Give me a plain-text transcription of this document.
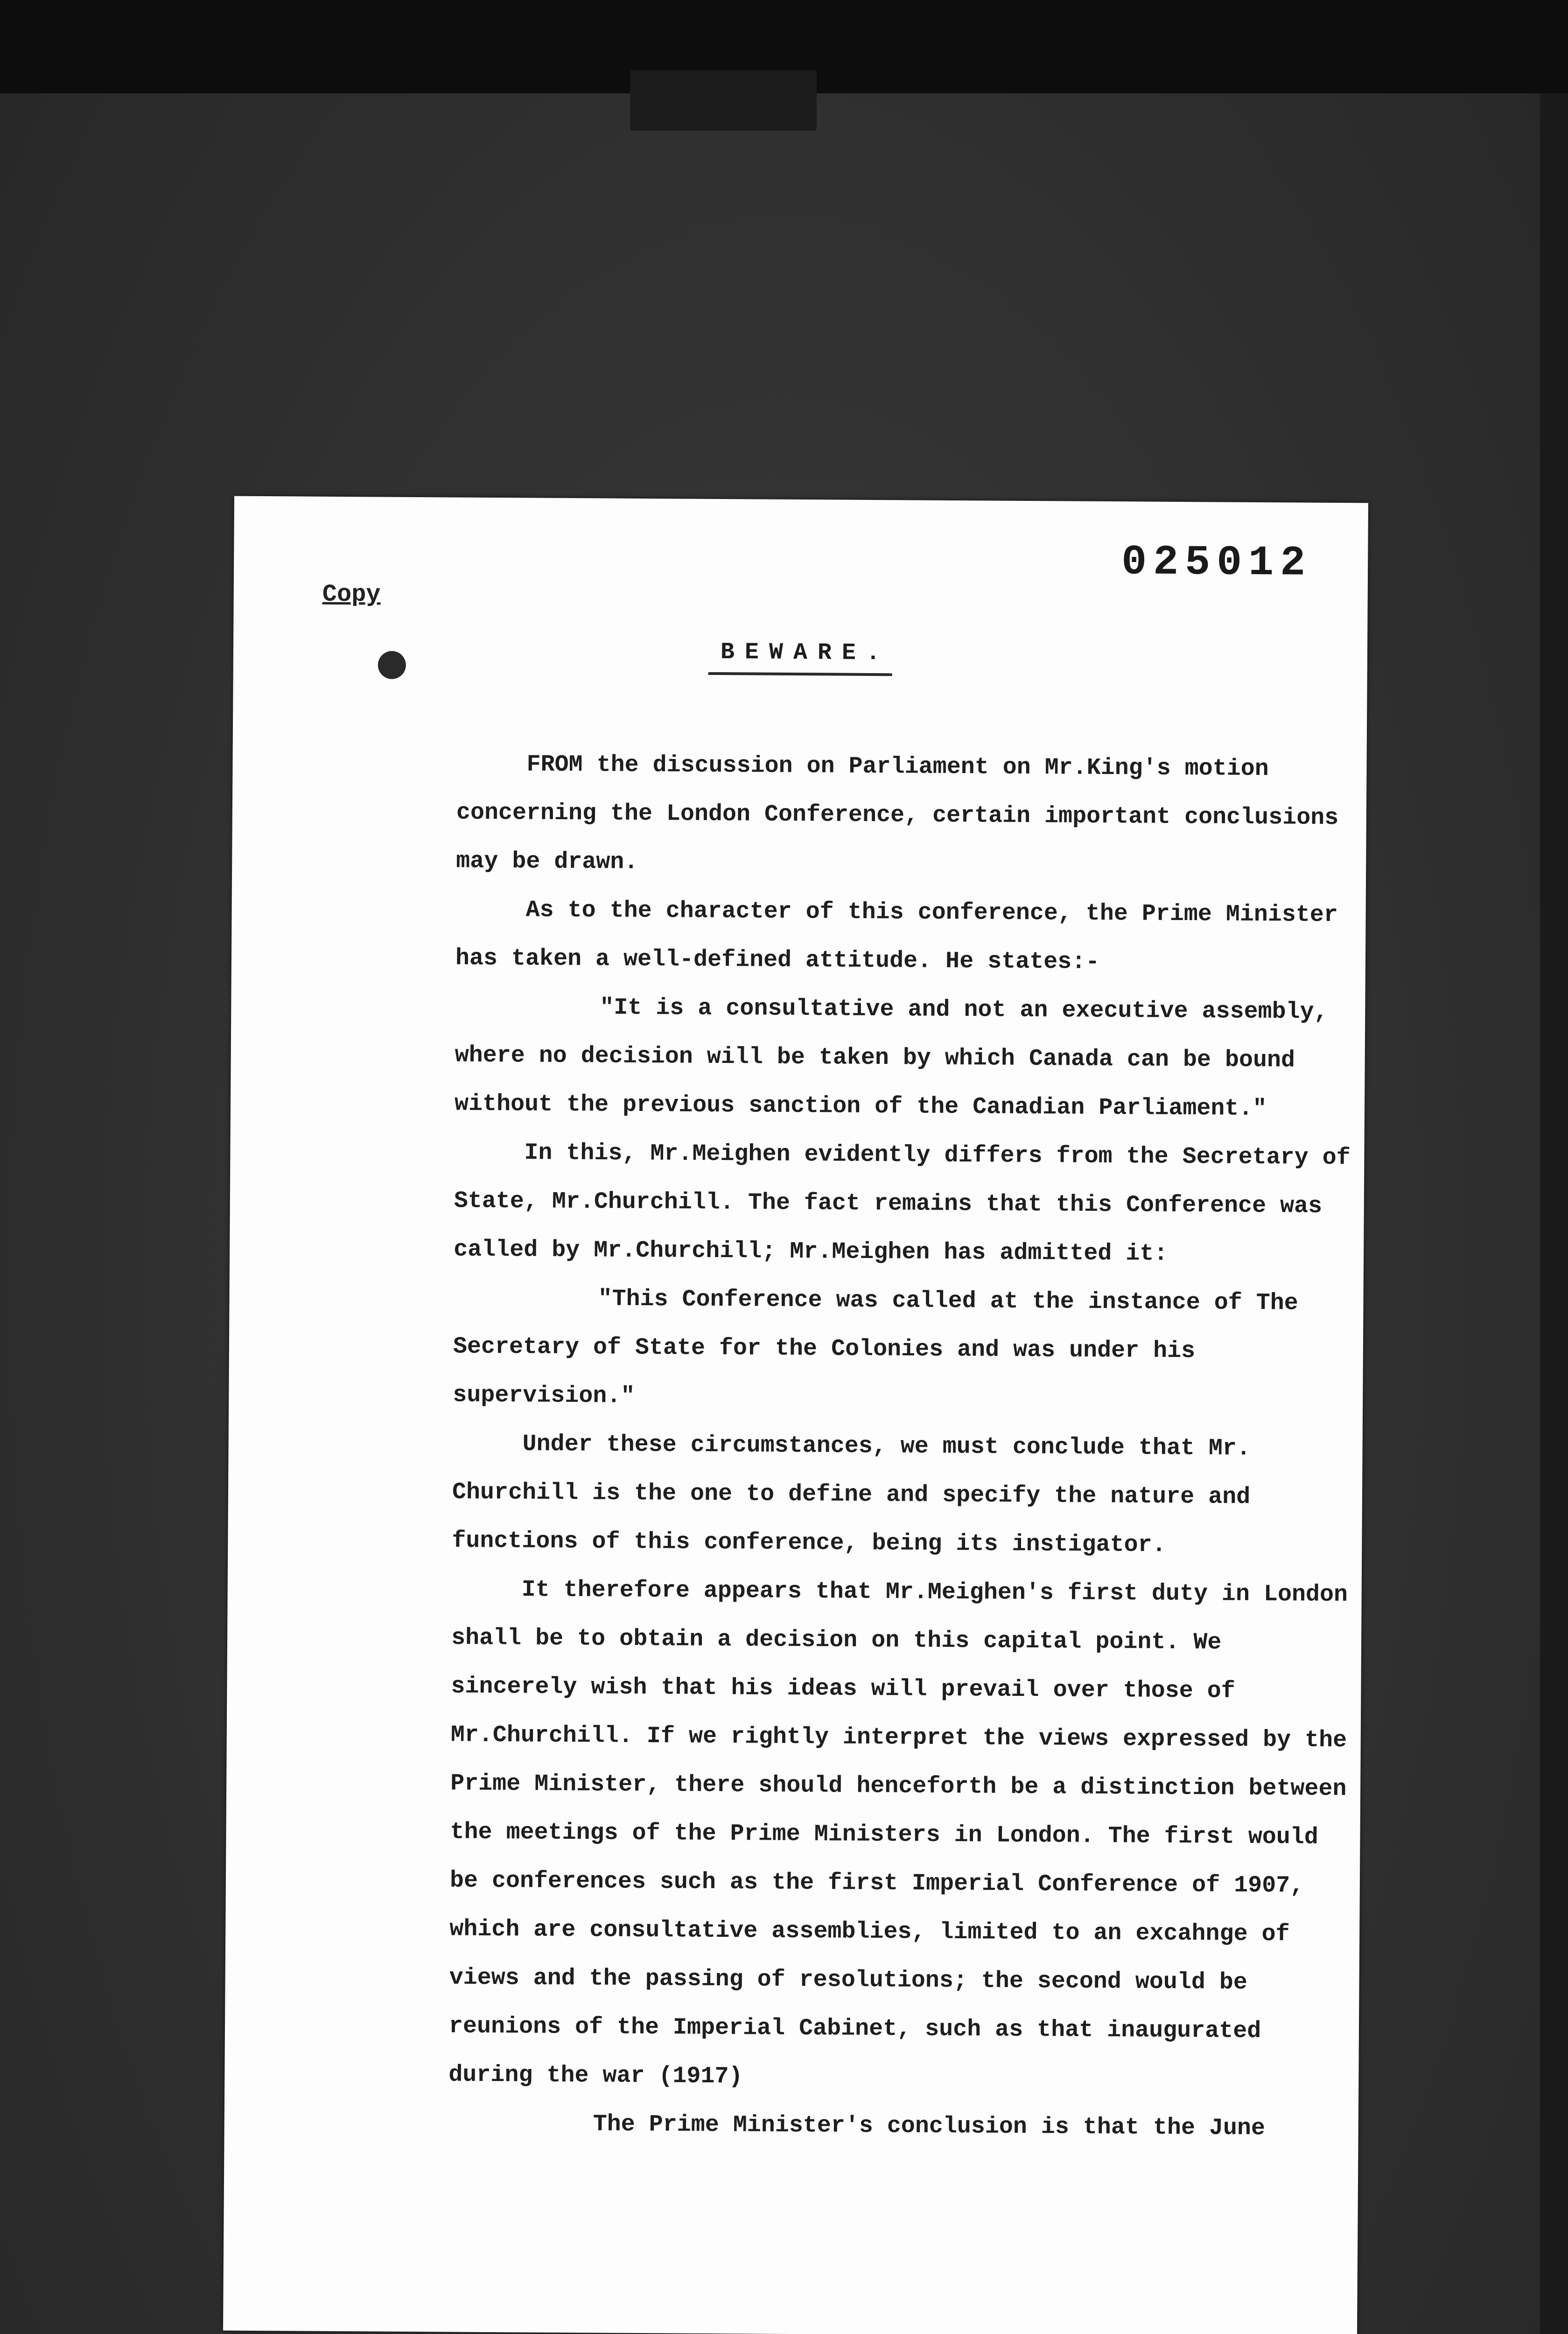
025012
Copy
BEWARE.

FROM the discussion on Parliament on Mr.King's motion concerning the London Conference, certain important conclusions may be drawn.

As to the character of this conference, the Prime Minister has taken a well-defined attitude. He states:-

"It is a consultative and not an executive assembly, where no decision will be taken by which Canada can be bound without the previous sanction of the Canadian Parliament."

In this, Mr.Meighen evidently differs from the Secretary of State, Mr.Churchill. The fact remains that this Conference was called by Mr.Churchill; Mr.Meighen has admitted it:

"This Conference was called at the instance of The Secretary of State for the Colonies and was under his supervision."

Under these circumstances, we must conclude that Mr. Churchill is the one to define and specify the nature and functions of this conference, being its instigator.

It therefore appears that Mr.Meighen's first duty in London shall be to obtain a decision on this capital point. We sincerely wish that his ideas will prevail over those of Mr.Churchill. If we rightly interpret the views expressed by the Prime Minister, there should henceforth be a distinction between the meetings of the Prime Ministers in London. The first would be conferences such as the first Imperial Conference of 1907, which are consultative assemblies, limited to an excahnge of views and the passing of resolutions; the second would be reunions of the Imperial Cabinet, such as that inaugurated during the war (1917)

The Prime Minister's conclusion is that the June
